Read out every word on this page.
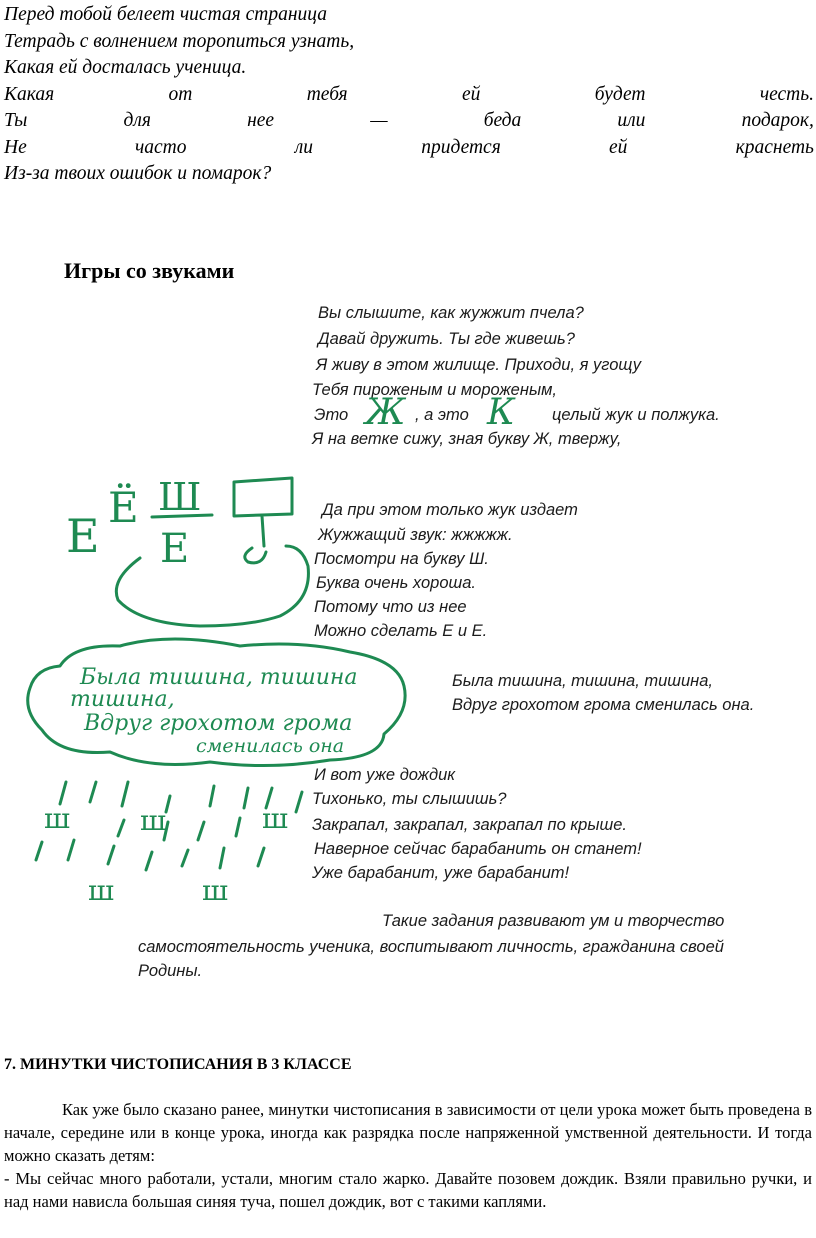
Перед тобой белеет чистая страница
Тетрадь с волнением торопиться узнать,
Какая ей досталась ученица.
Какая	от	тебя	ей	будет	честь.
Ты	для	нее	—	беда	или	подарок,
Не	часто	ли	придется	ей	краснеть
Из-за твоих ошибок и помарок?
Игры со звуками
Вы слышите, как жужжит пчела?
Давай дружить. Ты где живешь?
Я живу в этом жилище. Приходи, я угощу
Тебя пироженым и мороженым,
Это Ж , а это К целый жук и полжука.
Я на ветке сижу, зная букву Ж, твержу,
Е
Ё Ш
Е
Да при этом только жук издает
Жужжащий звук: жжжжж.
Посмотри на букву Ш.
Буква очень хороша.
Потому что из нее
Можно сделать Е и Е.
Была тишина, тишина
тишина,
Вдруг грохотом грома
сменилась она
Была тишина, тишина, тишина,
Вдруг грохотом грома сменилась она.
ш ш	ш
ш	ш
И вот уже дождик
Тихонько, ты слышишь?
Закрапал, закрапал, закрапал по крыше.
Наверное сейчас барабанить он станет!
Уже барабанит, уже барабанит!
Такие задания развивают ум и творчество
самостоятельность ученика, воспитывают личность, гражданина своей
Родины.
7. МИНУТКИ ЧИСТОПИСАНИЯ В 3 КЛАССЕ

Как уже было сказано ранее, минутки чистописания в зависимости от цели урока может быть проведена в начале, середине или в конце урока, иногда как разрядка после напряженной умственной деятельности. И тогда можно сказать детям:

- Мы сейчас много работали, устали, многим стало жарко. Давайте позовем дождик. Взяли правильно ручки, и над нами нависла большая синяя туча, пошел дождик, вот с такими каплями.
